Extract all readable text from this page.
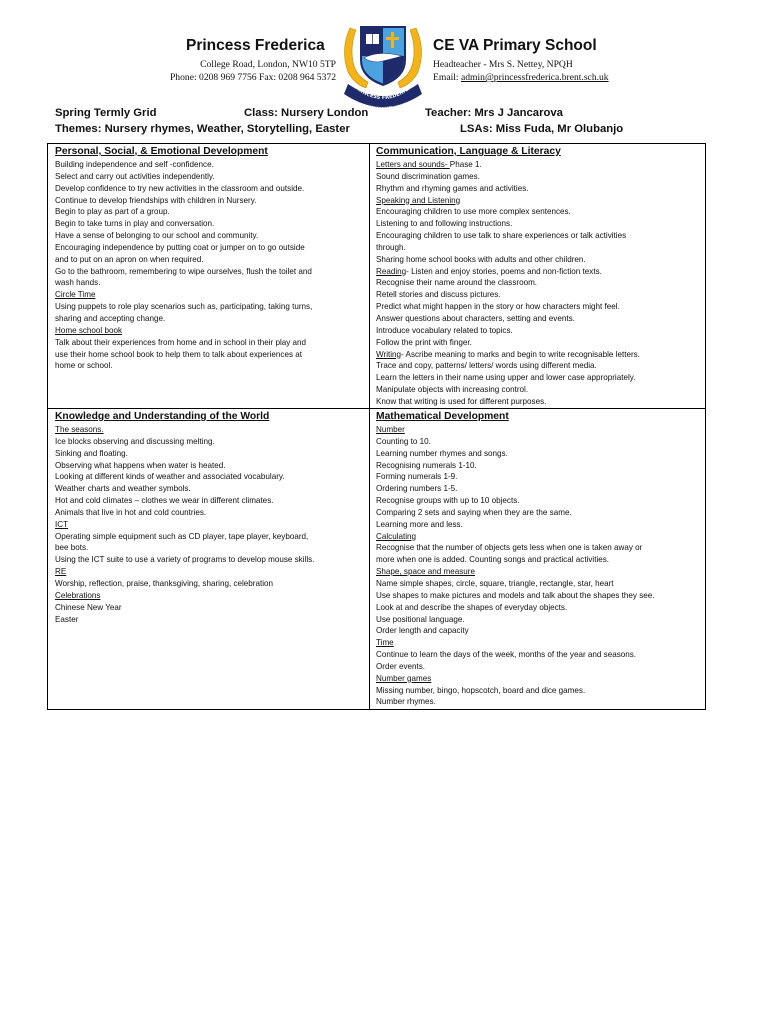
Princess Frederica	CE VA Primary School
College Road, London, NW10 5TP
Phone: 0208 969 7756 Fax: 0208 964 5372
Headteacher - Mrs S. Nettey, NPQH
Email: admin@princessfrederica.brent.sch.uk
PRINCESS FREDERICA
CE VA PRIMARY SCHOOL
Spring Termly Grid	Class: Nursery London	Teacher: Mrs J Jancarova
Themes: Nursery rhymes, Weather, Storytelling, Easter	LSAs: Miss Fuda, Mr Olubanjo
Personal, Social, & Emotional Development
Building independence and self -confidence.
Select and carry out activities independently.
Develop confidence to try new activities in the classroom and outside.
Continue to develop friendships with children in Nursery.
Begin to play as part of a group.
Begin to take turns in play and conversation.
Have a sense of belonging to our school and community.
Encouraging independence by putting coat or jumper on to go outside
and to put on an apron on when required.
Go to the bathroom, remembering to wipe ourselves, flush the toilet and
wash hands.
Circle Time
Using puppets to role play scenarios such as, participating, taking turns,
sharing and accepting change.
Home school book
Talk about their experiences from home and in school in their play and
use their home school book to help them to talk about experiences at
home or school.
Communication, Language & Literacy
Letters and sounds- Phase 1.
Sound discrimination games.
Rhythm and rhyming games and activities.
Speaking and Listening
Encouraging children to use more complex sentences.
Listening to and following instructions.
Encouraging children to use talk to share experiences or talk activities
through.
Sharing home school books with adults and other children.
Reading- Listen and enjoy stories, poems and non-fiction texts.
Recognise their name around the classroom.
Retell stories and discuss pictures.
Predict what might happen in the story or how characters might feel.
Answer questions about characters, setting and events.
Introduce vocabulary related to topics.
Follow the print with finger.
Writing- Ascribe meaning to marks and begin to write recognisable letters.
Trace and copy, patterns/ letters/ words using different media.
Learn the letters in their name using upper and lower case appropriately.
Manipulate objects with increasing control.
Know that writing is used for different purposes.
Knowledge and Understanding of the World
The seasons.
Ice blocks observing and discussing melting.
Sinking and floating.
Observing what happens when water is heated.
Looking at different kinds of weather and associated vocabulary.
Weather charts and weather symbols.
Hot and cold climates – clothes we wear in different climates.
Animals that live in hot and cold countries.
ICT
Operating simple equipment such as CD player, tape player, keyboard,
bee bots.
Using the ICT suite to use a variety of programs to develop mouse skills.
RE
Worship, reflection, praise, thanksgiving, sharing, celebration
Celebrations
Chinese New Year
Easter
Mathematical Development
Number
Counting to 10.
Learning number rhymes and songs.
Recognising numerals 1-10.
Forming numerals 1-9.
Ordering numbers 1-5.
Recognise groups with up to 10 objects.
Comparing 2 sets and saying when they are the same.
Learning more and less.
Calculating
Recognise that the number of objects gets less when one is taken away or
more when one is added. Counting songs and practical activities.
Shape, space and measure
Name simple shapes, circle, square, triangle, rectangle, star, heart
Use shapes to make pictures and models and talk about the shapes they see.
Look at and describe the shapes of everyday objects.
Use positional language.
Order length and capacity
Time
Continue to learn the days of the week, months of the year and seasons.
Order events.
Number games
Missing number, bingo, hopscotch, board and dice games.
Number rhymes.
